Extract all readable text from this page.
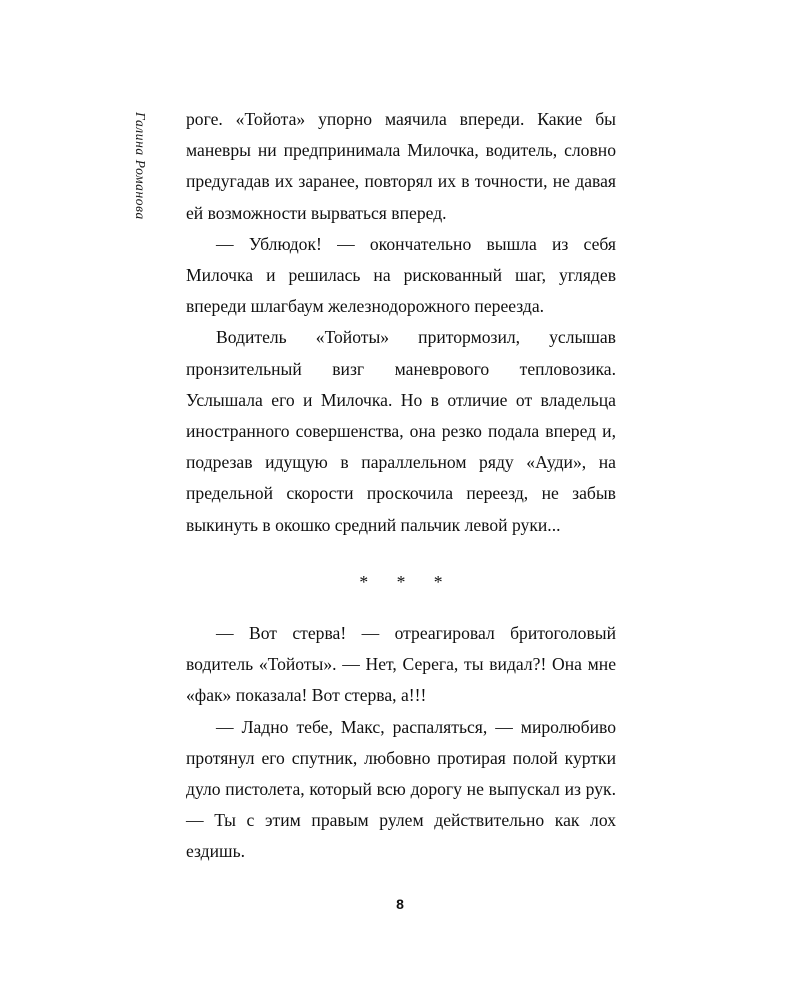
Галина Романова роге. «Тойота» упорно маячила впереди. Какие бы маневры ни предпринимала Милочка, водитель, словно предугадав их заранее, повторял их в точности, не давая ей возможности вырваться вперед.

— Ублюдок! — окончательно вышла из себя Милочка и решилась на рискованный шаг, углядев впереди шлагбаум железнодорожного переезда.

Водитель «Тойоты» притормозил, услышав пронзительный визг маневрового тепловозика. Услышала его и Милочка. Но в отличие от владельца иностранного совершенства, она резко подала вперед и, подрезав идущую в параллельном ряду «Ауди», на предельной скорости проскочила переезд, не забыв выкинуть в окошко средний пальчик левой руки...

* * *

— Вот стерва! — отреагировал бритоголовый водитель «Тойоты». — Нет, Серега, ты видал?! Она мне «фак» показала! Вот стерва, а!!!

— Ладно тебе, Макс, распаляться, — миролюбиво протянул его спутник, любовно протирая полой куртки дуло пистолета, который всю дорогу не выпускал из рук. — Ты с этим правым рулем действительно как лох ездишь.

8
